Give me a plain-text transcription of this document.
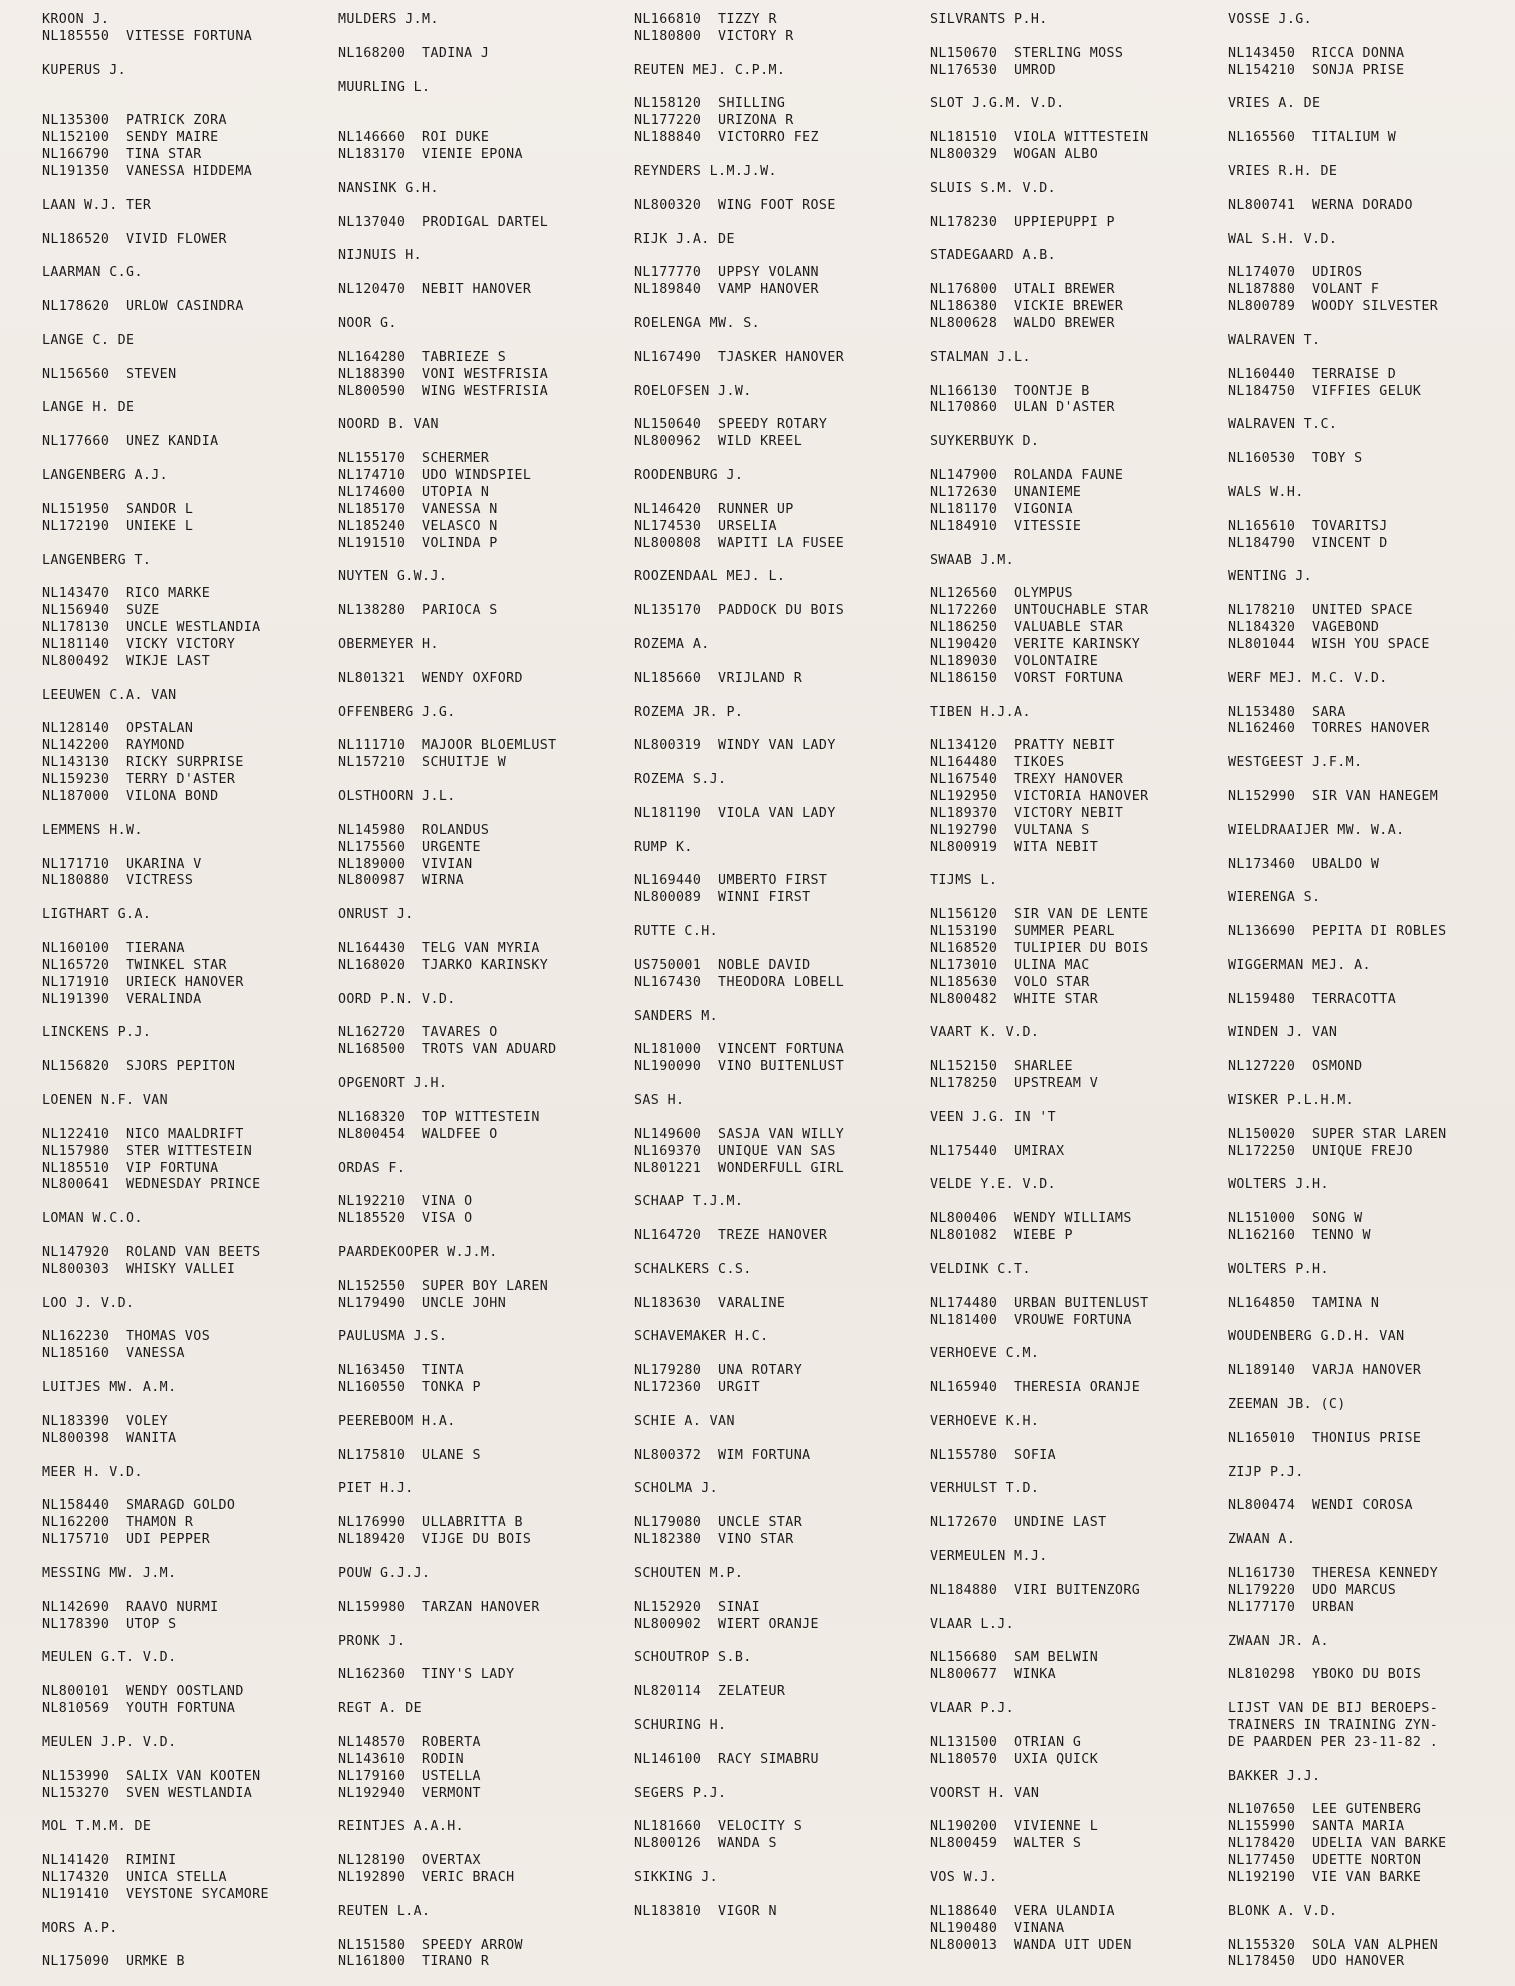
KROON J.
NL185550  VITESSE FORTUNA
KUPERUS J.
NL135300  PATRICK ZORA
NL152100  SENDY MAIRE
NL166790  TINA STAR
NL191350  VANESSA HIDDEMA
LAAN W.J. TER
NL186520  VIVID FLOWER
LAARMAN C.G.
NL178620  URLOW CASINDRA
LANGE C. DE
NL156560  STEVEN
LANGE H. DE
NL177660  UNEZ KANDIA
LANGENBERG A.J.
NL151950  SANDOR L
NL172190  UNIEKE L
LANGENBERG T.
NL143470  RICO MARKE
NL156940  SUZE
NL178130  UNCLE WESTLANDIA
NL181140  VICKY VICTORY
NL800492  WIKJE LAST
LEEUWEN C.A. VAN
NL128140  OPSTALAN
NL142200  RAYMOND
NL143130  RICKY SURPRISE
NL159230  TERRY D'ASTER
NL187000  VILONA BOND
LEMMENS H.W.
NL171710  UKARINA V
NL180880  VICTRESS
LIGTHART G.A.
NL160100  TIERANA
NL165720  TWINKEL STAR
NL171910  URIECK HANOVER
NL191390  VERALINDA
LINCKENS P.J.
NL156820  SJORS PEPITON
LOENEN N.F. VAN
NL122410  NICO MAALDRIFT
NL157980  STER WITTESTEIN
NL185510  VIP FORTUNA
NL800641  WEDNESDAY PRINCE
LOMAN W.C.O.
NL147920  ROLAND VAN BEETS
NL800303  WHISKY VALLEI
LOO J. V.D.
NL162230  THOMAS VOS
NL185160  VANESSA
LUITJES MW. A.M.
NL183390  VOLEY
NL800398  WANITA
MEER H. V.D.
NL158440  SMARAGD GOLDO
NL162200  THAMON R
NL175710  UDI PEPPER
MESSING MW. J.M.
NL142690  RAAVO NURMI
NL178390  UTOP S
MEULEN G.T. V.D.
NL800101  WENDY OOSTLAND
NL810569  YOUTH FORTUNA
MEULEN J.P. V.D.
NL153990  SALIX VAN KOOTEN
NL153270  SVEN WESTLANDIA
MOL T.M.M. DE
NL141420  RIMINI
NL174320  UNICA STELLA
NL191410  VEYSTONE SYCAMORE
MORS A.P.
NL175090  URMKE B
MULDERS J.M.
NL168200  TADINA J
MUURLING L.
NL146660  ROI DUKE
NL183170  VIENIE EPONA
NANSINK G.H.
NL137040  PRODIGAL DARTEL
NIJNUIS H.
NL120470  NEBIT HANOVER
NOOR G.
NL164280  TABRIEZE S
NL188390  VONI WESTFRISIA
NL800590  WING WESTFRISIA
NOORD B. VAN
NL155170  SCHERMER
NL174710  UDO WINDSPIEL
NL174600  UTOPIA N
NL185170  VANESSA N
NL185240  VELASCO N
NL191510  VOLINDA P
NUYTEN G.W.J.
NL138280  PARIOCA S
OBERMEYER H.
NL801321  WENDY OXFORD
OFFENBERG J.G.
NL111710  MAJOOR BLOEMLUST
NL157210  SCHUITJE W
OLSTHOORN J.L.
NL145980  ROLANDUS
NL175560  URGENTE
NL189000  VIVIAN
NL800987  WIRNA
ONRUST J.
NL164430  TELG VAN MYRIA
NL168020  TJARKO KARINSKY
OORD P.N. V.D.
NL162720  TAVARES O
NL168500  TROTS VAN ADUARD
OPGENORT J.H.
NL168320  TOP WITTESTEIN
NL800454  WALDFEE O
ORDAS F.
NL192210  VINA O
NL185520  VISA O
PAARDEKOOPER W.J.M.
NL152550  SUPER BOY LAREN
NL179490  UNCLE JOHN
PAULUSMA J.S.
NL163450  TINTA
NL160550  TONKA P
PEEREBOOM H.A.
NL175810  ULANE S
PIET H.J.
NL176990  ULLABRITTA B
NL189420  VIJGE DU BOIS
POUW G.J.J.
NL159980  TARZAN HANOVER
PRONK J.
NL162360  TINY'S LADY
REGT A. DE
NL148570  ROBERTA
NL143610  RODIN
NL179160  USTELLA
NL192940  VERMONT
REINTJES A.A.H.
NL128190  OVERTAX
NL192890  VERIC BRACH
REUTEN L.A.
NL151580  SPEEDY ARROW
NL161800  TIRANO R
NL166810  TIZZY R
NL180800  VICTORY R
REUTEN MEJ. C.P.M.
NL158120  SHILLING
NL177220  URIZONA R
NL188840  VICTORRO FEZ
REYNDERS L.M.J.W.
NL800320  WING FOOT ROSE
RIJK J.A. DE
NL177770  UPPSY VOLANN
NL189840  VAMP HANOVER
ROELENGA MW. S.
NL167490  TJASKER HANOVER
ROELOFSEN J.W.
NL150640  SPEEDY ROTARY
NL800962  WILD KREEL
ROODENBURG J.
NL146420  RUNNER UP
NL174530  URSELIA
NL800808  WAPITI LA FUSEE
ROOZENDAAL MEJ. L.
NL135170  PADDOCK DU BOIS
ROZEMA A.
NL185660  VRIJLAND R
ROZEMA JR. P.
NL800319  WINDY VAN LADY
ROZEMA S.J.
NL181190  VIOLA VAN LADY
RUMP K.
NL169440  UMBERTO FIRST
NL800089  WINNI FIRST
RUTTE C.H.
US750001  NOBLE DAVID
NL167430  THEODORA LOBELL
SANDERS M.
NL181000  VINCENT FORTUNA
NL190090  VINO BUITENLUST
SAS H.
NL149600  SASJA VAN WILLY
NL169370  UNIQUE VAN SAS
NL801221  WONDERFULL GIRL
SCHAAP T.J.M.
NL164720  TREZE HANOVER
SCHALKERS C.S.
NL183630  VARALINE
SCHAVEMAKER H.C.
NL179280  UNA ROTARY
NL172360  URGIT
SCHIE A. VAN
NL800372  WIM FORTUNA
SCHOLMA J.
NL179080  UNCLE STAR
NL182380  VINO STAR
SCHOUTEN M.P.
NL152920  SINAI
NL800902  WIERT ORANJE
SCHOUTROP S.B.
NL820114  ZELATEUR
SCHURING H.
NL146100  RACY SIMABRU
SEGERS P.J.
NL181660  VELOCITY S
NL800126  WANDA S
SIKKING J.
NL183810  VIGOR N
SILVRANTS P.H.
NL150670  STERLING MOSS
NL176530  UMROD
SLOT J.G.M. V.D.
NL181510  VIOLA WITTESTEIN
NL800329  WOGAN ALBO
SLUIS S.M. V.D.
NL178230  UPPIEPUPPI P
STADEGAARD A.B.
NL176800  UTALI BREWER
NL186380  VICKIE BREWER
NL800628  WALDO BREWER
STALMAN J.L.
NL166130  TOONTJE B
NL170860  ULAN D'ASTER
SUYKERBUYK D.
NL147900  ROLANDA FAUNE
NL172630  UNANIEME
NL181170  VIGONIA
NL184910  VITESSIE
SWAAB J.M.
NL126560  OLYMPUS
NL172260  UNTOUCHABLE STAR
NL186250  VALUABLE STAR
NL190420  VERITE KARINSKY
NL189030  VOLONTAIRE
NL186150  VORST FORTUNA
TIBEN H.J.A.
NL134120  PRATTY NEBIT
NL164480  TIKOES
NL167540  TREXY HANOVER
NL192950  VICTORIA HANOVER
NL189370  VICTORY NEBIT
NL192790  VULTANA S
NL800919  WITA NEBIT
TIJMS L.
NL156120  SIR VAN DE LENTE
NL153190  SUMMER PEARL
NL168520  TULIPIER DU BOIS
NL173010  ULINA MAC
NL185630  VOLO STAR
NL800482  WHITE STAR
VAART K. V.D.
NL152150  SHARLEE
NL178250  UPSTREAM V
VEEN J.G. IN 'T
NL175440  UMIRAX
VELDE Y.E. V.D.
NL800406  WENDY WILLIAMS
NL801082  WIEBE P
VELDINK C.T.
NL174480  URBAN BUITENLUST
NL181400  VROUWE FORTUNA
VERHOEVE C.M.
NL165940  THERESIA ORANJE
VERHOEVE K.H.
NL155780  SOFIA
VERHULST T.D.
NL172670  UNDINE LAST
VERMEULEN M.J.
NL184880  VIRI BUITENZORG
VLAAR L.J.
NL156680  SAM BELWIN
NL800677  WINKA
VLAAR P.J.
NL131500  OTRIAN G
NL180570  UXIA QUICK
VOORST H. VAN
NL190200  VIVIENNE L
NL800459  WALTER S
VOS W.J.
NL188640  VERA ULANDIA
NL190480  VINANA
NL800013  WANDA UIT UDEN
VOSSE J.G.
NL143450  RICCA DONNA
NL154210  SONJA PRISE
VRIES A. DE
NL165560  TITALIUM W
VRIES R.H. DE
NL800741  WERNA DORADO
WAL S.H. V.D.
NL174070  UDIROS
NL187880  VOLANT F
NL800789  WOODY SILVESTER
WALRAVEN T.
NL160440  TERRAISE D
NL184750  VIFFIES GELUK
WALRAVEN T.C.
NL160530  TOBY S
WALS W.H.
NL165610  TOVARITSJ
NL184790  VINCENT D
WENTING J.
NL178210  UNITED SPACE
NL184320  VAGEBOND
NL801044  WISH YOU SPACE
WERF MEJ. M.C. V.D.
NL153480  SARA
NL162460  TORRES HANOVER
WESTGEEST J.F.M.
NL152990  SIR VAN HANEGEM
WIELDRAAIJER MW. W.A.
NL173460  UBALDO W
WIERENGA S.
NL136690  PEPITA DI ROBLES
WIGGERMAN MEJ. A.
NL159480  TERRACOTTA
WINDEN J. VAN
NL127220  OSMOND
WISKER P.L.H.M.
NL150020  SUPER STAR LAREN
NL172250  UNIQUE FREJO
WOLTERS J.H.
NL151000  SONG W
NL162160  TENNO W
WOLTERS P.H.
NL164850  TAMINA N
WOUDENBERG G.D.H. VAN
NL189140  VARJA HANOVER
ZEEMAN JB. (C)
NL165010  THONIUS PRISE
ZIJP P.J.
NL800474  WENDI COROSA
ZWAAN A.
NL161730  THERESA KENNEDY
NL179220  UDO MARCUS
NL177170  URBAN
ZWAAN JR. A.
NL810298  YBOKO DU BOIS
LIJST VAN DE BIJ BEROEPS-
TRAINERS IN TRAINING ZYN-
DE PAARDEN PER 23-11-82 .
BAKKER J.J.
NL107650  LEE GUTENBERG
NL155990  SANTA MARIA
NL178420  UDELIA VAN BARKE
NL177450  UDETTE NORTON
NL192190  VIE VAN BARKE
BLONK A. V.D.
NL155320  SOLA VAN ALPHEN
NL178450  UDO HANOVER
